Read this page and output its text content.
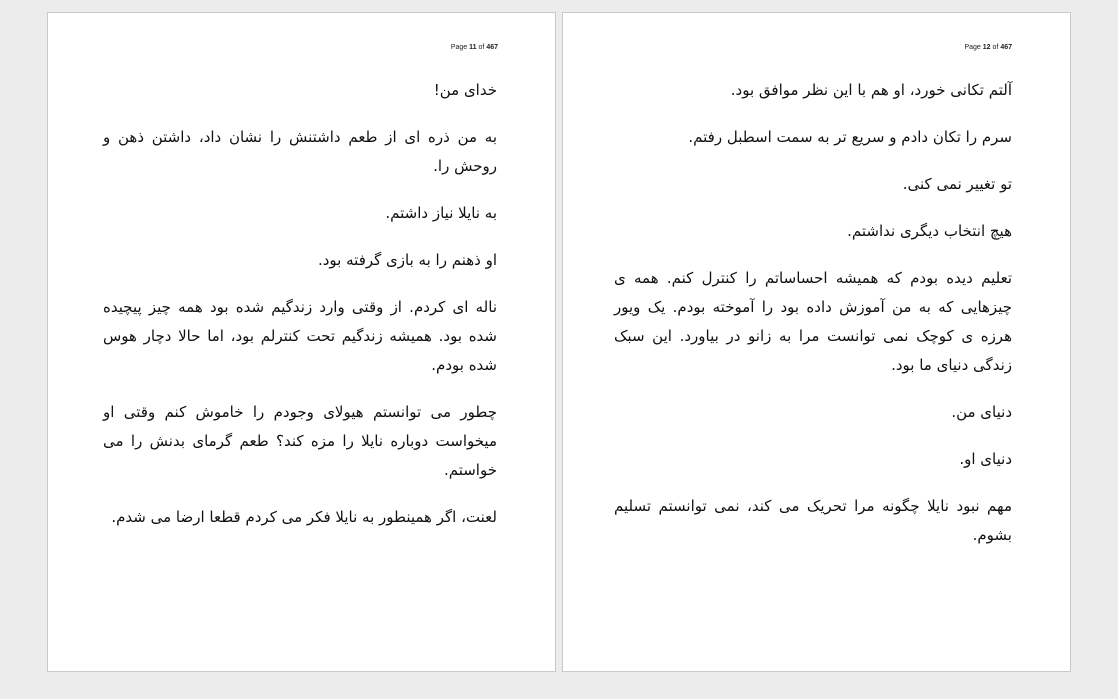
Page 11 of 467

خدای من!

به من ذره ای از طعم داشتنش را نشان داد، داشتن ذهن و روحش را.

به نایلا نیاز داشتم.

او ذهنم را به بازی گرفته بود.

ناله ای کردم. از وقتی وارد زندگیم شده بود همه چیز پیچیده شده بود. همیشه زندگیم تحت کنترلم بود، اما حالا دچار هوس شده بودم.

چطور می توانستم هیولای وجودم را خاموش کنم وقتی او میخواست دوباره نایلا را مزه کند؟ طعم گرمای بدنش را می خواستم.

لعنت، اگر همینطور به نایلا فکر می کردم قطعا ارضا می شدم.

Page 12 of 467

آلتم تکانی خورد، او هم با این نظر موافق بود.

سرم را تکان دادم و سریع تر به سمت اسطبل رفتم.

تو تغییر نمی کنی.

هیچ انتخاب دیگری نداشتم.

تعلیم دیده بودم که همیشه احساساتم را کنترل کنم. همه ی چیزهایی که به من آموزش داده بود را آموخته بودم. یک ویور هرزه ی کوچک نمی توانست مرا به زانو در بیاورد. این سبک زندگی دنیای ما بود.

دنیای من.

دنیای او.

مهم نبود نایلا چگونه مرا تحریک می کند، نمی توانستم تسلیم بشوم.
